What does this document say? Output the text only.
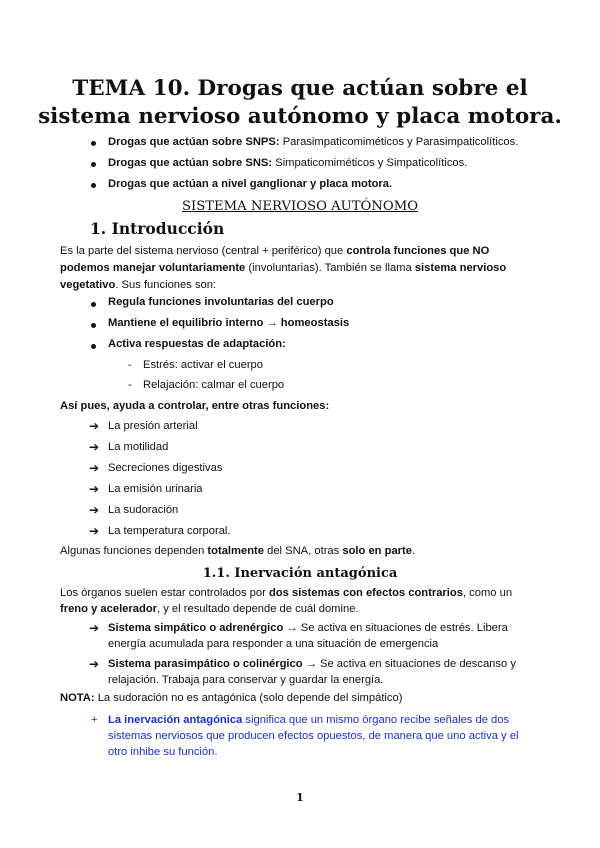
TEMA 10. Drogas que actúan sobre el
sistema nervioso autónomo y placa motora.
Drogas que actúan sobre SNPS: Parasimpaticomiméticos y Parasimpaticolíticos.
Drogas que actúan sobre SNS: Simpaticomiméticos y Simpaticolíticos.
Drogas que actúan a nivel ganglionar y placa motora.
SISTEMA NERVIOSO AUTÓNOMO
1. Introducción
Es la parte del sistema nervioso (central + periférico) que controla funciones que NO
podemos manejar voluntariamente (involuntarias). También se llama sistema nervioso
vegetativo. Sus funciones son:
Regula funciones involuntarias del cuerpo
Mantiene el equilibrio interno → homeostasis
Activa respuestas de adaptación:
- Estrés: activar el cuerpo
- Relajación: calmar el cuerpo
Así pues, ayuda a controlar, entre otras funciones:
➔ La presión arterial
➔ La motilidad
➔ Secreciones digestivas
➔ La emisión urinaria
➔ La sudoración
➔ La temperatura corporal.
Algunas funciones dependen totalmente del SNA, otras solo en parte.
1.1. Inervación antagónica
Los órganos suelen estar controlados por dos sistemas con efectos contrarios, como un
freno y acelerador, y el resultado depende de cuál domine.
➔ Sistema simpático o adrenérgico → Se activa en situaciones de estrés. Libera
energía acumulada para responder a una situación de emergencia
➔ Sistema parasimpático o colinérgico → Se activa en situaciones de descanso y
relajación. Trabaja para conservar y guardar la energía.
NOTA: La sudoración no es antagónica (solo depende del simpático)
+ La inervación antagónica significa que un mismo órgano recibe señales de dos
sistemas nerviosos que producen efectos opuestos, de manera que uno activa y el
otro inhibe su función.
1
